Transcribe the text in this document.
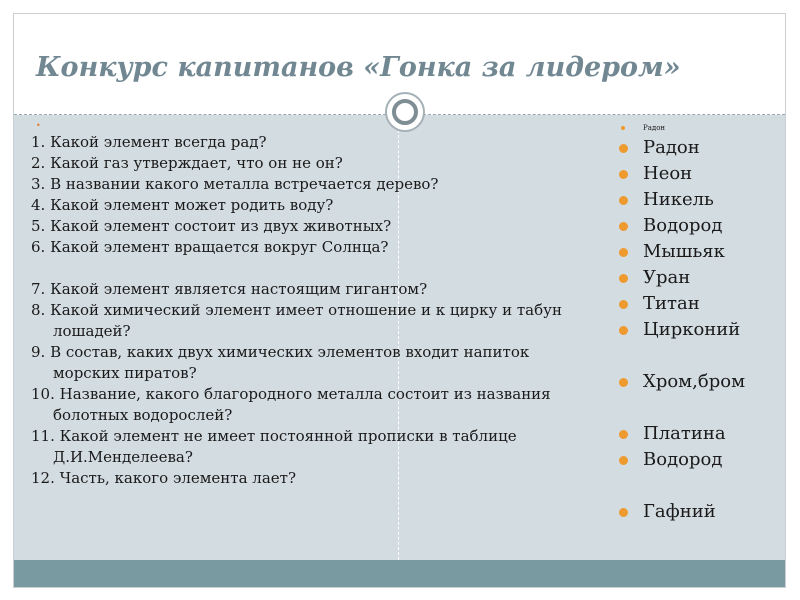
Конкурс капитанов «Гонка за лидером»
•
1. Какой элемент всегда рад?
2. Какой газ утверждает, что он не он?
3. В названии какого металла встречается дерево?
4. Какой элемент может родить воду?
5. Какой элемент состоит из двух животных?
6. Какой элемент вращается вокруг Солнца?
7. Какой элемент является настоящим гигантом?
8. Какой химический элемент имеет отношение и к цирку и табун лошадей?
9. В состав, каких двух химических элементов входит напиток морских пиратов?
10. Название, какого благородного металла состоит из названия болотных водорослей?
11. Какой элемент не имеет постоянной прописки в таблице Д.И.Менделеева?
12. Часть, какого элемента лает?
Радон
Радон
Неон
Никель
Водород
Мышьяк
Уран
Титан
Цирконий
Хром,бром
Платина
Водород
Гафний
